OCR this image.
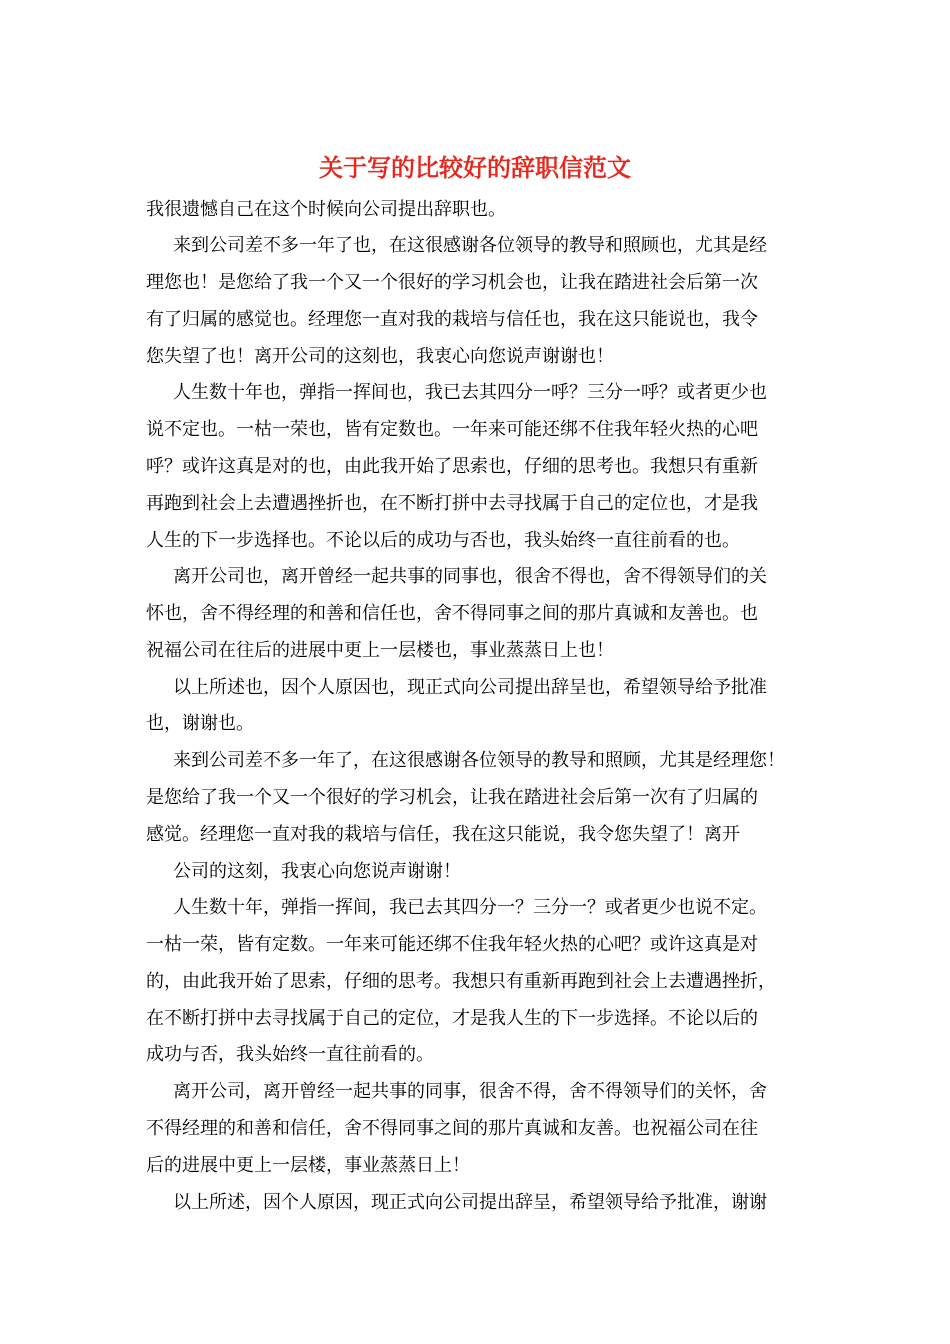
关于写的比较好的辞职信范文
我很遗憾自己在这个时候向公司提出辞职也。
来到公司差不多一年了也，在这很感谢各位领导的教导和照顾也，尤其是经
理您也！是您给了我一个又一个很好的学习机会也，让我在踏进社会后第一次
有了归属的感觉也。经理您一直对我的栽培与信任也，我在这只能说也，我令
您失望了也！离开公司的这刻也，我衷心向您说声谢谢也！
人生数十年也，弹指一挥间也，我已去其四分一呼？三分一呼？或者更少也
说不定也。一枯一荣也，皆有定数也。一年来可能还绑不住我年轻火热的心吧
呼？或许这真是对的也，由此我开始了思索也，仔细的思考也。我想只有重新
再跑到社会上去遭遇挫折也，在不断打拼中去寻找属于自己的定位也，才是我
人生的下一步选择也。不论以后的成功与否也，我头始终一直往前看的也。
离开公司也，离开曾经一起共事的同事也，很舍不得也，舍不得领导们的关
怀也，舍不得经理的和善和信任也，舍不得同事之间的那片真诚和友善也。也
祝福公司在往后的进展中更上一层楼也，事业蒸蒸日上也！
以上所述也，因个人原因也，现正式向公司提出辞呈也，希望领导给予批准
也，谢谢也。
来到公司差不多一年了，在这很感谢各位领导的教导和照顾，尤其是经理您！
是您给了我一个又一个很好的学习机会，让我在踏进社会后第一次有了归属的
感觉。经理您一直对我的栽培与信任，我在这只能说，我令您失望了！离开
公司的这刻，我衷心向您说声谢谢！
人生数十年，弹指一挥间，我已去其四分一？三分一？或者更少也说不定。
一枯一荣，皆有定数。一年来可能还绑不住我年轻火热的心吧？或许这真是对
的，由此我开始了思索，仔细的思考。我想只有重新再跑到社会上去遭遇挫折，
在不断打拼中去寻找属于自己的定位，才是我人生的下一步选择。不论以后的
成功与否，我头始终一直往前看的。
离开公司，离开曾经一起共事的同事，很舍不得，舍不得领导们的关怀，舍
不得经理的和善和信任，舍不得同事之间的那片真诚和友善。也祝福公司在往
后的进展中更上一层楼，事业蒸蒸日上！
以上所述，因个人原因，现正式向公司提出辞呈，希望领导给予批准，谢谢
